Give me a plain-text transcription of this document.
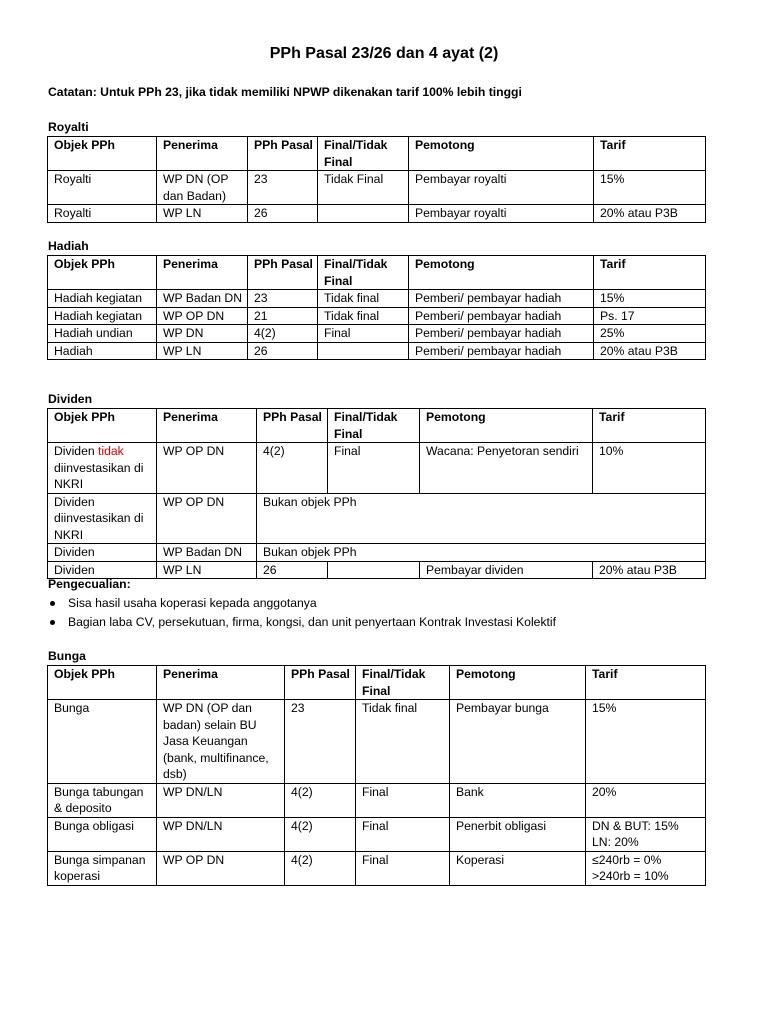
PPh Pasal 23/26 dan 4 ayat (2)
Catatan: Untuk PPh 23, jika tidak memiliki NPWP dikenakan tarif 100% lebih tinggi
Royalti
Objek PPh	Penerima	PPh Pasal	Final/Tidak Final	Pemotong	Tarif
Royalti	WP DN (OP dan Badan)	23	Tidak Final	Pembayar royalti	15%
Royalti	WP LN	26		Pembayar royalti	20% atau P3B
Hadiah
Objek PPh	Penerima	PPh Pasal	Final/Tidak Final	Pemotong	Tarif
Hadiah kegiatan	WP Badan DN	23	Tidak final	Pemberi/ pembayar hadiah	15%
Hadiah kegiatan	WP OP DN	21	Tidak final	Pemberi/ pembayar hadiah	Ps. 17
Hadiah undian	WP DN	4(2)	Final	Pemberi/ pembayar hadiah	25%
Hadiah	WP LN	26		Pemberi/ pembayar hadiah	20% atau P3B
Dividen
Objek PPh	Penerima	PPh Pasal	Final/Tidak Final	Pemotong	Tarif
Dividen tidak diinvestasikan di NKRI	WP OP DN	4(2)	Final	Wacana: Penyetoran sendiri	10%
Dividen diinvestasikan di NKRI	WP OP DN	Bukan objek PPh			
Dividen	WP Badan DN	Bukan objek PPh			
Dividen	WP LN	26		Pembayar dividen	20% atau P3B
Pengecualian:
Sisa hasil usaha koperasi kepada anggotanya
Bagian laba CV, persekutuan, firma, kongsi, dan unit penyertaan Kontrak Investasi Kolektif
Bunga
Objek PPh	Penerima	PPh Pasal	Final/Tidak Final	Pemotong	Tarif
Bunga	WP DN (OP dan badan) selain BU Jasa Keuangan (bank, multifinance, dsb)	23	Tidak final	Pembayar bunga	15%

Bunga tabungan & deposito	WP DN/LN	4(2)	Final	Bank	20%

Bunga obligasi	WP DN/LN	4(2)	Final	Penerbit obligasi	DN & BUT: 15%
LN: 20%

Bunga simpanan koperasi	WP OP DN	4(2)	Final	Koperasi	≤240rb = 0%
>240rb = 10%
